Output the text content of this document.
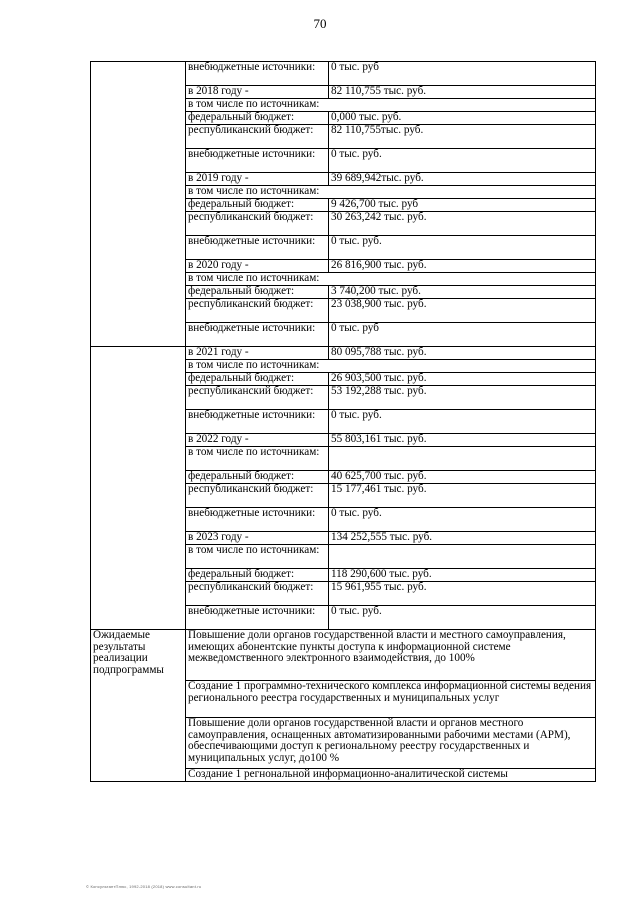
70
	внебюджетные источники:	0 тыс. руб
	в 2018 году -	82 110,755 тыс. руб.
	в том числе по источникам:	
	федеральный бюджет:	0,000 тыс. руб.
	республиканский бюджет:	82 110,755тыс. руб.
	внебюджетные источники:	0 тыс. руб.
	в 2019 году -	39 689,942тыс. руб.
	в том числе по источникам:	
	федеральный бюджет:	9 426,700 тыс. руб
	республиканский бюджет:	30 263,242 тыс. руб.
	внебюджетные источники:	0 тыс. руб.
	в 2020 году -	26 816,900 тыс. руб.
	в том числе по источникам:	
	федеральный бюджет:	3 740,200 тыс. руб.
	республиканский бюджет:	23 038,900 тыс. руб.
	внебюджетные источники:	0 тыс. руб
	в 2021 году -	80 095,788 тыс. руб.
	в том числе по источникам:	
	федеральный бюджет:	26 903,500 тыс. руб.
	республиканский бюджет:	53 192,288 тыс. руб.
	внебюджетные источники:	0 тыс. руб.
	в 2022 году -	55 803,161 тыс. руб.
	в том числе по источникам:	
	федеральный бюджет:	40 625,700 тыс. руб.
	республиканский бюджет:	15 177,461 тыс. руб.
	внебюджетные источники:	0 тыс. руб.
	в 2023 году -	134 252,555 тыс. руб.
	в том числе по источникам:	
	федеральный бюджет:	118 290,600 тыс. руб.
	республиканский бюджет:	15 961,955 тыс. руб.
	внебюджетные источники:	0 тыс. руб.
Ожидаемые результаты реализации подпрограммы	Повышение доли органов государственной власти и местного самоуправления, имеющих абонентские пункты доступа к информационной системе межведомственного электронного взаимодействия, до 100%	
	Создание 1 программно-технического комплекса информационной системы ведения регионального реестра государственных и муниципальных услуг	
	Повышение доли органов государственной власти и органов местного самоуправления, оснащенных автоматизированными рабочими местами (АРМ), обеспечивающими доступ к региональному реестру государственных и муниципальных услуг, до100 %	
	Создание 1 регнональной информационно-аналитической системы	
© КонсультантПлюс, 1992-2018 (2018) www.consultant.ru
